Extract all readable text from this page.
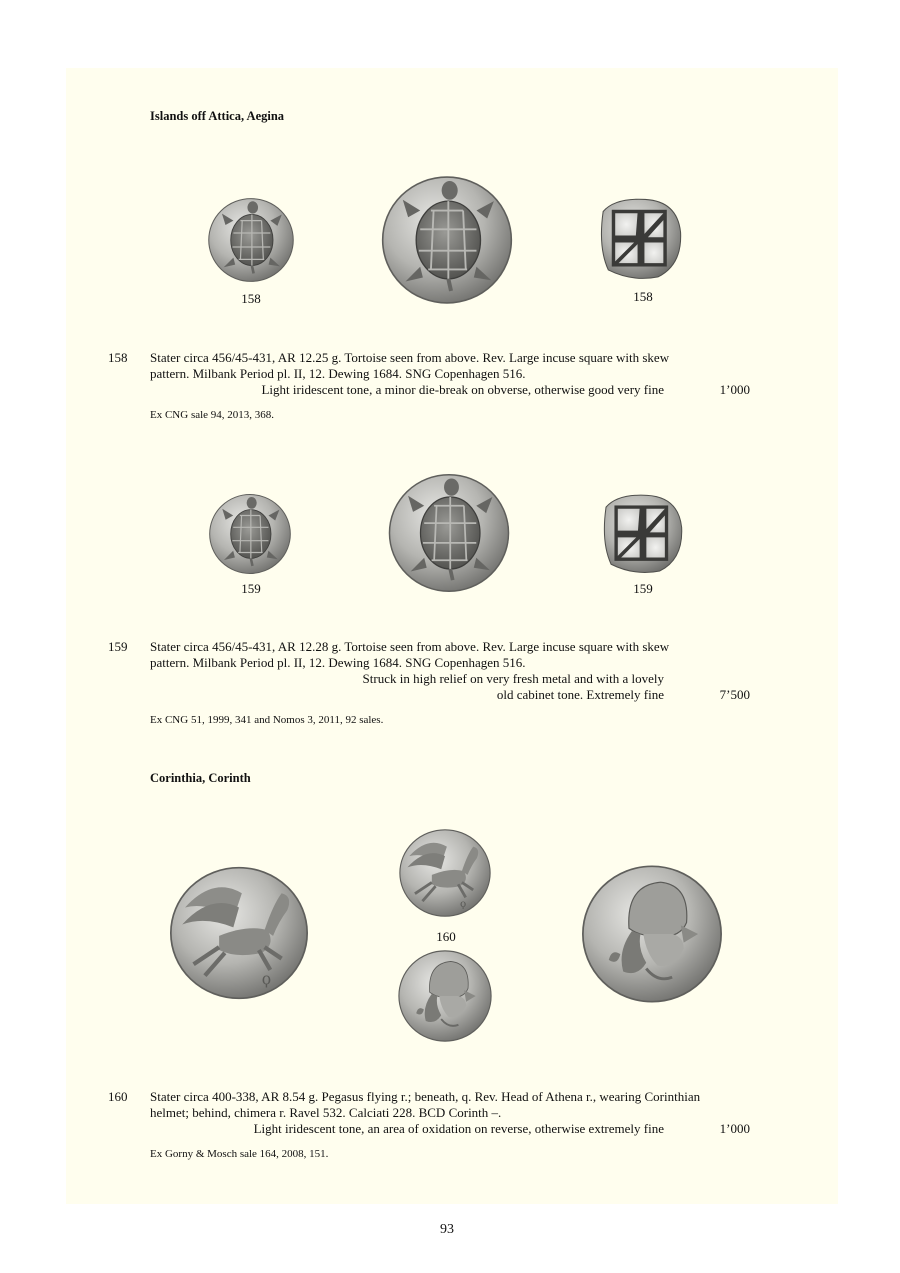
Islands off Attica, Aegina
158	158
158 Stater circa 456/45-431, AR 12.25 g. Tortoise seen from above. Rev. Large incuse square with skew
pattern. Milbank Period pl. II, 12. Dewing 1684. SNG Copenhagen 516.
Light iridescent tone, a minor die-break on obverse, otherwise good very fine	1’000
Ex CNG sale 94, 2013, 368.
159	159
159 Stater circa 456/45-431, AR 12.28 g. Tortoise seen from above. Rev. Large incuse square with skew
pattern. Milbank Period pl. II, 12. Dewing 1684. SNG Copenhagen 516.
Struck in high relief on very fresh metal and with a lovely
old cabinet tone. Extremely fine	7’500
Ex CNG 51, 1999, 341 and Nomos 3, 2011, 92 sales.
Corinthia, Corinth
160
160 Stater circa 400-338, AR 8.54 g. Pegasus flying r.; beneath, q. Rev. Head of Athena r., wearing Corinthian
helmet; behind, chimera r. Ravel 532. Calciati 228. BCD Corinth –.
Light iridescent tone, an area of oxidation on reverse, otherwise extremely fine	1’000
Ex Gorny & Mosch sale 164, 2008, 151.
93
